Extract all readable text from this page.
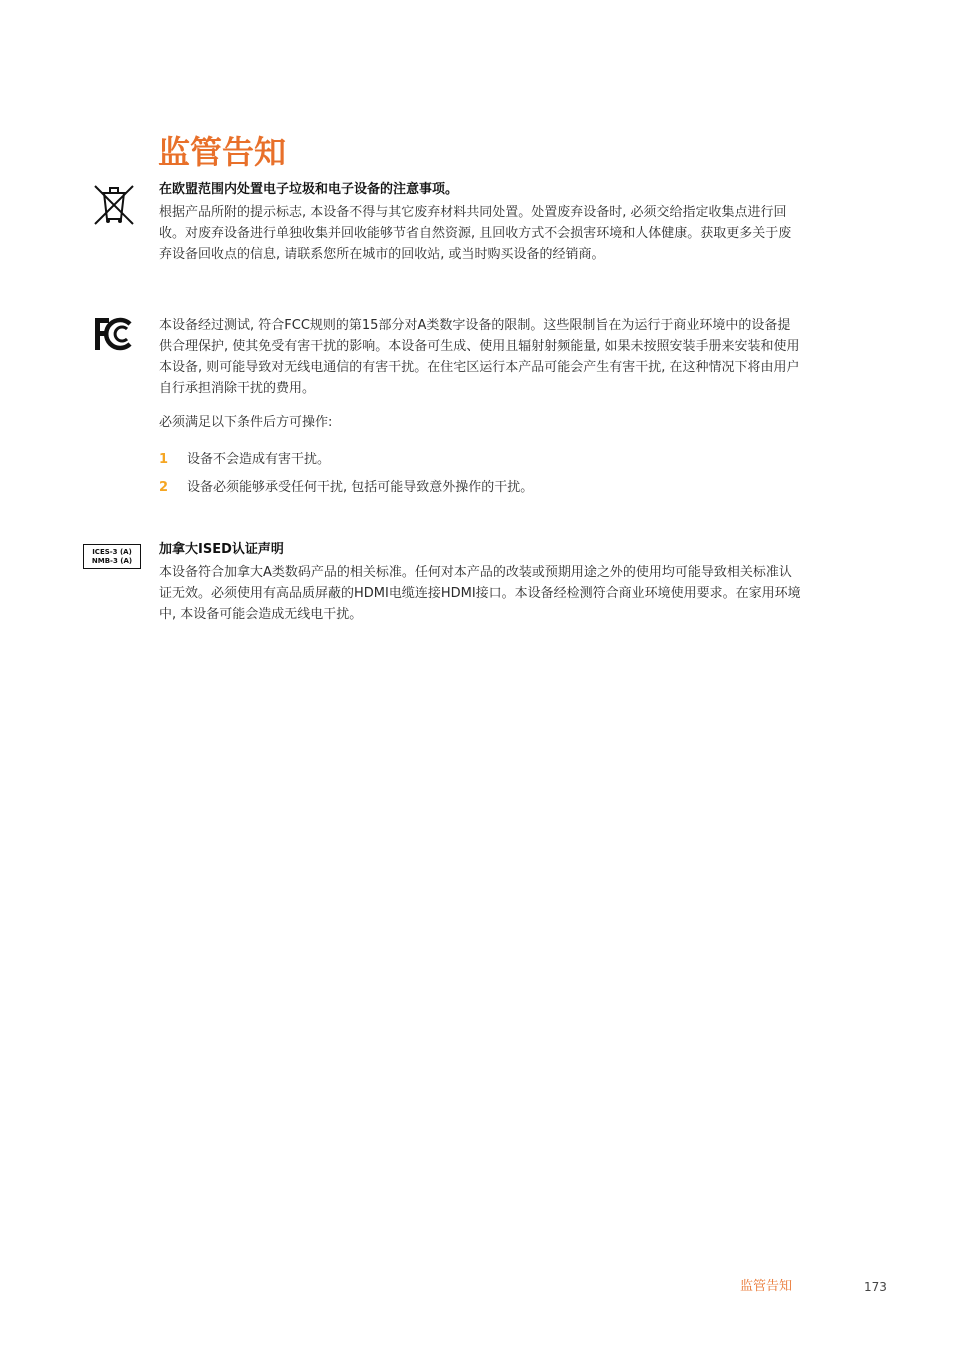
监管告知
在欧盟范围内处置电子垃圾和电子设备的注意事项。

根据产品所附的提示标志, 本设备不得与其它废弃材料共同处置。处置废弃设备时, 必须交给指定收集点进行回收。对废弃设备进行单独收集并回收能够节省自然资源, 且回收方式不会损害环境和人体健康。获取更多关于废弃设备回收点的信息, 请联系您所在城市的回收站, 或当时购买设备的经销商。

本设备经过测试, 符合FCC规则的第15部分对A类数字设备的限制。这些限制旨在为运行于商业环境中的设备提供合理保护, 使其免受有害干扰的影响。本设备可生成、使用且辐射射频能量, 如果未按照安装手册来安装和使用本设备, 则可能导致对无线电通信的有害干扰。在住宅区运行本产品可能会产生有害干扰, 在这种情况下将由用户自行承担消除干扰的费用。

必须满足以下条件后方可操作:

1 设备不会造成有害干扰。
2 设备必须能够承受任何干扰, 包括可能导致意外操作的干扰。
ICES-3 (A)
NMB-3 (A)
加拿大ISED认证声明

本设备符合加拿大A类数码产品的相关标准。任何对本产品的改装或预期用途之外的使用均可能导致相关标准认证无效。必须使用有高品质屏蔽的HDMI电缆连接HDMI接口。本设备经检测符合商业环境使用要求。在家用环境中, 本设备可能会造成无线电干扰。

监管告知	173
